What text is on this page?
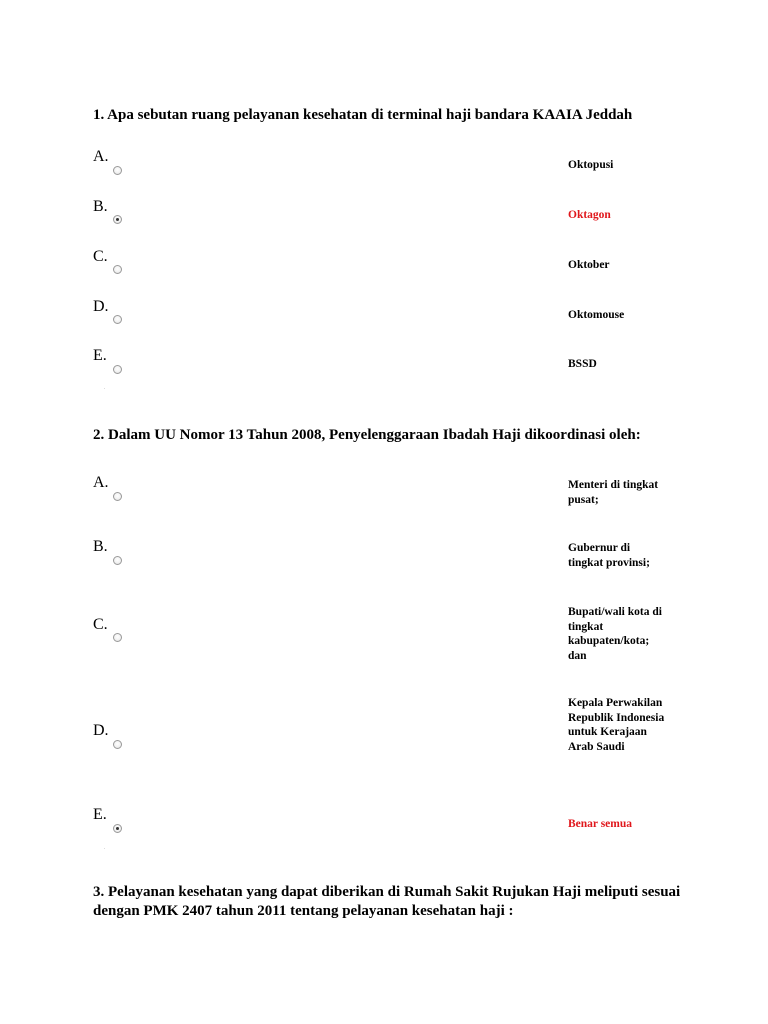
1. Apa sebutan ruang pelayanan kesehatan di terminal haji bandara KAAIA Jeddah
A.	Oktopusi
B.	Oktagon
C.	Oktober
D.	Oktomouse
E.	BSSD
2. Dalam UU Nomor 13 Tahun 2008, Penyelenggaraan Ibadah Haji dikoordinasi oleh:
A.	Menteri di tingkat pusat;
B.	Gubernur di tingkat provinsi;
C.
Bupati/wali kota di tingkat kabupaten/kota; dan
D.
Kepala Perwakilan Republik Indonesia untuk Kerajaan Arab Saudi
E.
Benar semua
3. Pelayanan kesehatan yang dapat diberikan di Rumah Sakit Rujukan Haji meliputi sesuai dengan PMK 2407 tahun 2011 tentang pelayanan kesehatan haji :
